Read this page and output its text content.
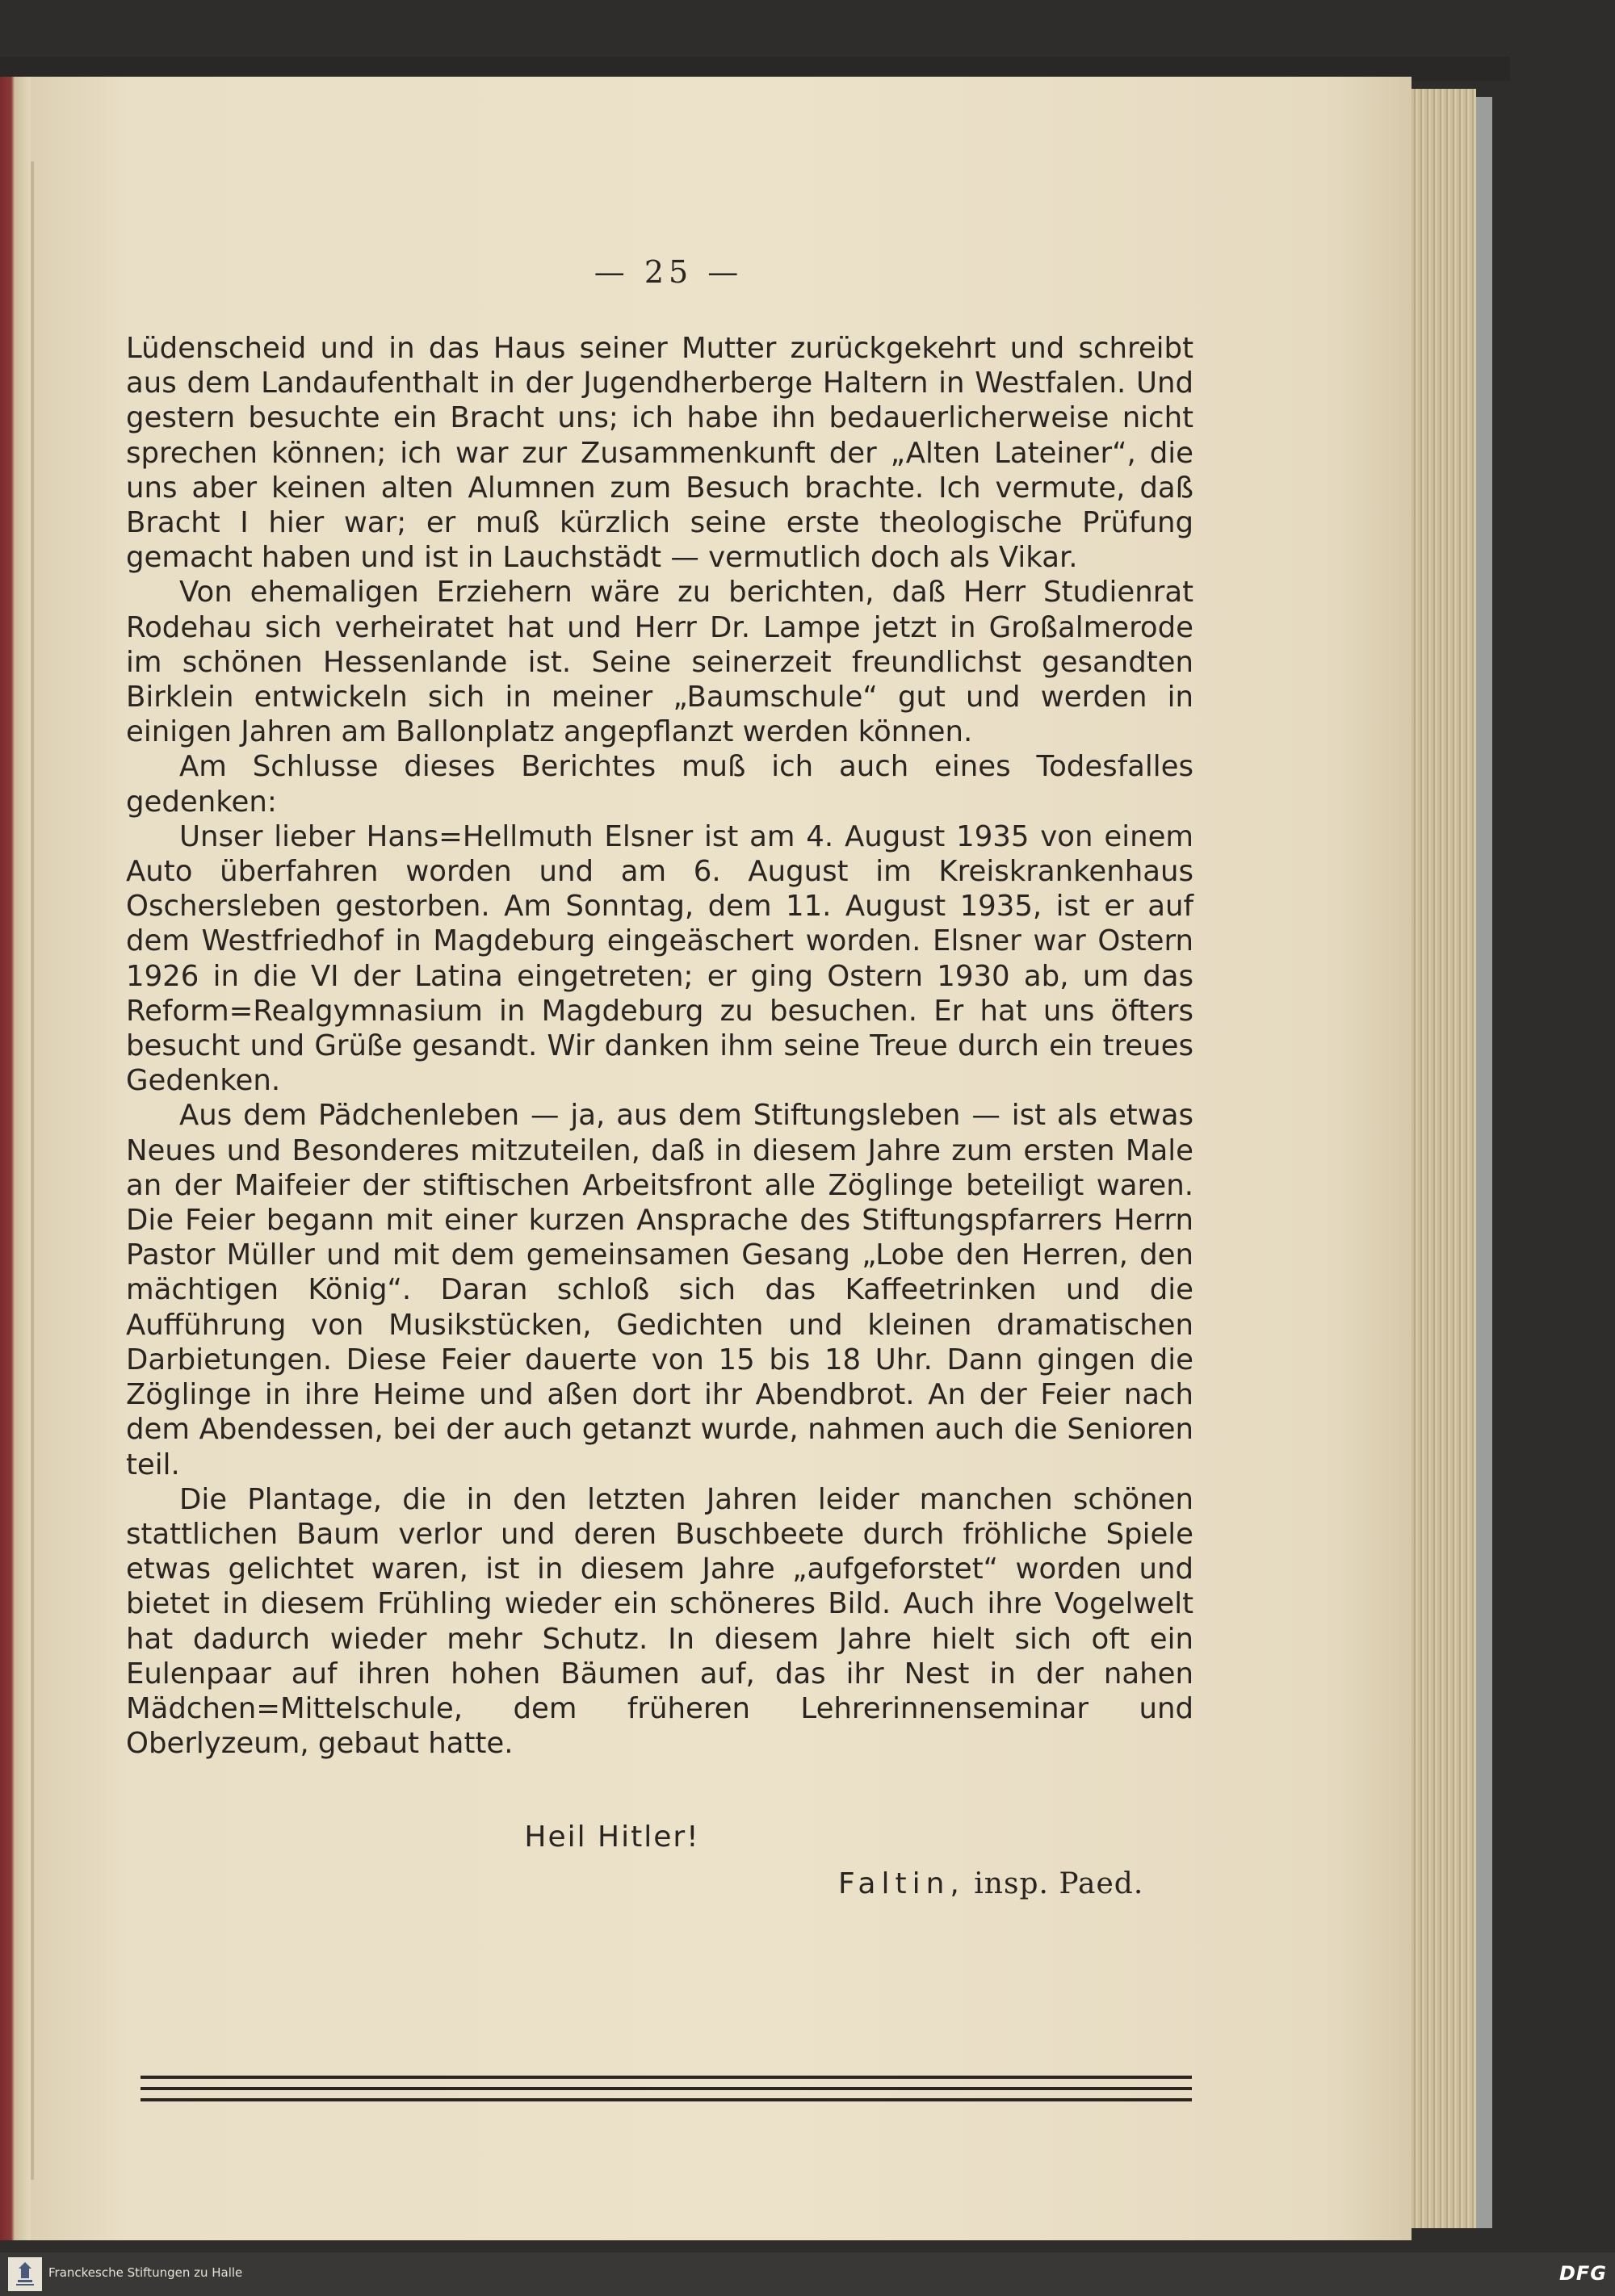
— 25 —

Lüdenscheid und in das Haus seiner Mutter zurückgekehrt und schreibt aus dem Landaufenthalt in der Jugendherberge Haltern in Westfalen. Und gestern besuchte ein Bracht uns; ich habe ihn bedauerlicherweise nicht sprechen können; ich war zur Zusammenkunft der „Alten Lateiner“, die uns aber keinen alten Alumnen zum Besuch brachte. Ich vermute, daß Bracht I hier war; er muß kürzlich seine erste theologische Prüfung gemacht haben und ist in Lauchstädt — vermutlich doch als Vikar.

Von ehemaligen Erziehern wäre zu berichten, daß Herr Studienrat Rodehau sich verheiratet hat und Herr Dr. Lampe jetzt in Großalmerode im schönen Hessenlande ist. Seine seinerzeit freundlichst gesandten Birklein entwickeln sich in meiner „Baumschule“ gut und werden in einigen Jahren am Ballonplatz angepflanzt werden können.

Am Schlusse dieses Berichtes muß ich auch eines Todesfalles gedenken:

Unser lieber Hans=Hellmuth Elsner ist am 4. August 1935 von einem Auto überfahren worden und am 6. August im Kreiskrankenhaus Oschersleben gestorben. Am Sonntag, dem 11. August 1935, ist er auf dem Westfriedhof in Magdeburg eingeäschert worden. Elsner war Ostern 1926 in die VI der Latina eingetreten; er ging Ostern 1930 ab, um das Reform=Realgymnasium in Magdeburg zu besuchen. Er hat uns öfters besucht und Grüße gesandt. Wir danken ihm seine Treue durch ein treues Gedenken.

Aus dem Pädchenleben — ja, aus dem Stiftungsleben — ist als etwas Neues und Besonderes mitzuteilen, daß in diesem Jahre zum ersten Male an der Maifeier der stiftischen Arbeitsfront alle Zöglinge beteiligt waren. Die Feier begann mit einer kurzen Ansprache des Stiftungspfarrers Herrn Pastor Müller und mit dem gemeinsamen Gesang „Lobe den Herren, den mächtigen König“. Daran schloß sich das Kaffeetrinken und die Aufführung von Musikstücken, Gedichten und kleinen dramatischen Darbietungen. Diese Feier dauerte von 15 bis 18 Uhr. Dann gingen die Zöglinge in ihre Heime und aßen dort ihr Abendbrot. An der Feier nach dem Abendessen, bei der auch getanzt wurde, nahmen auch die Senioren teil.

Die Plantage, die in den letzten Jahren leider manchen schönen stattlichen Baum verlor und deren Buschbeete durch fröhliche Spiele etwas gelichtet waren, ist in diesem Jahre „aufgeforstet“ worden und bietet in diesem Frühling wieder ein schöneres Bild. Auch ihre Vogelwelt hat dadurch wieder mehr Schutz. In diesem Jahre hielt sich oft ein Eulenpaar auf ihren hohen Bäumen auf, das ihr Nest in der nahen Mädchen=Mittelschule, dem früheren Lehrerinnenseminar und Oberlyzeum, gebaut hatte.

Heil Hitler!
Faltin, insp. Paed.
Franckesche Stiftungen zu Halle	DFG
